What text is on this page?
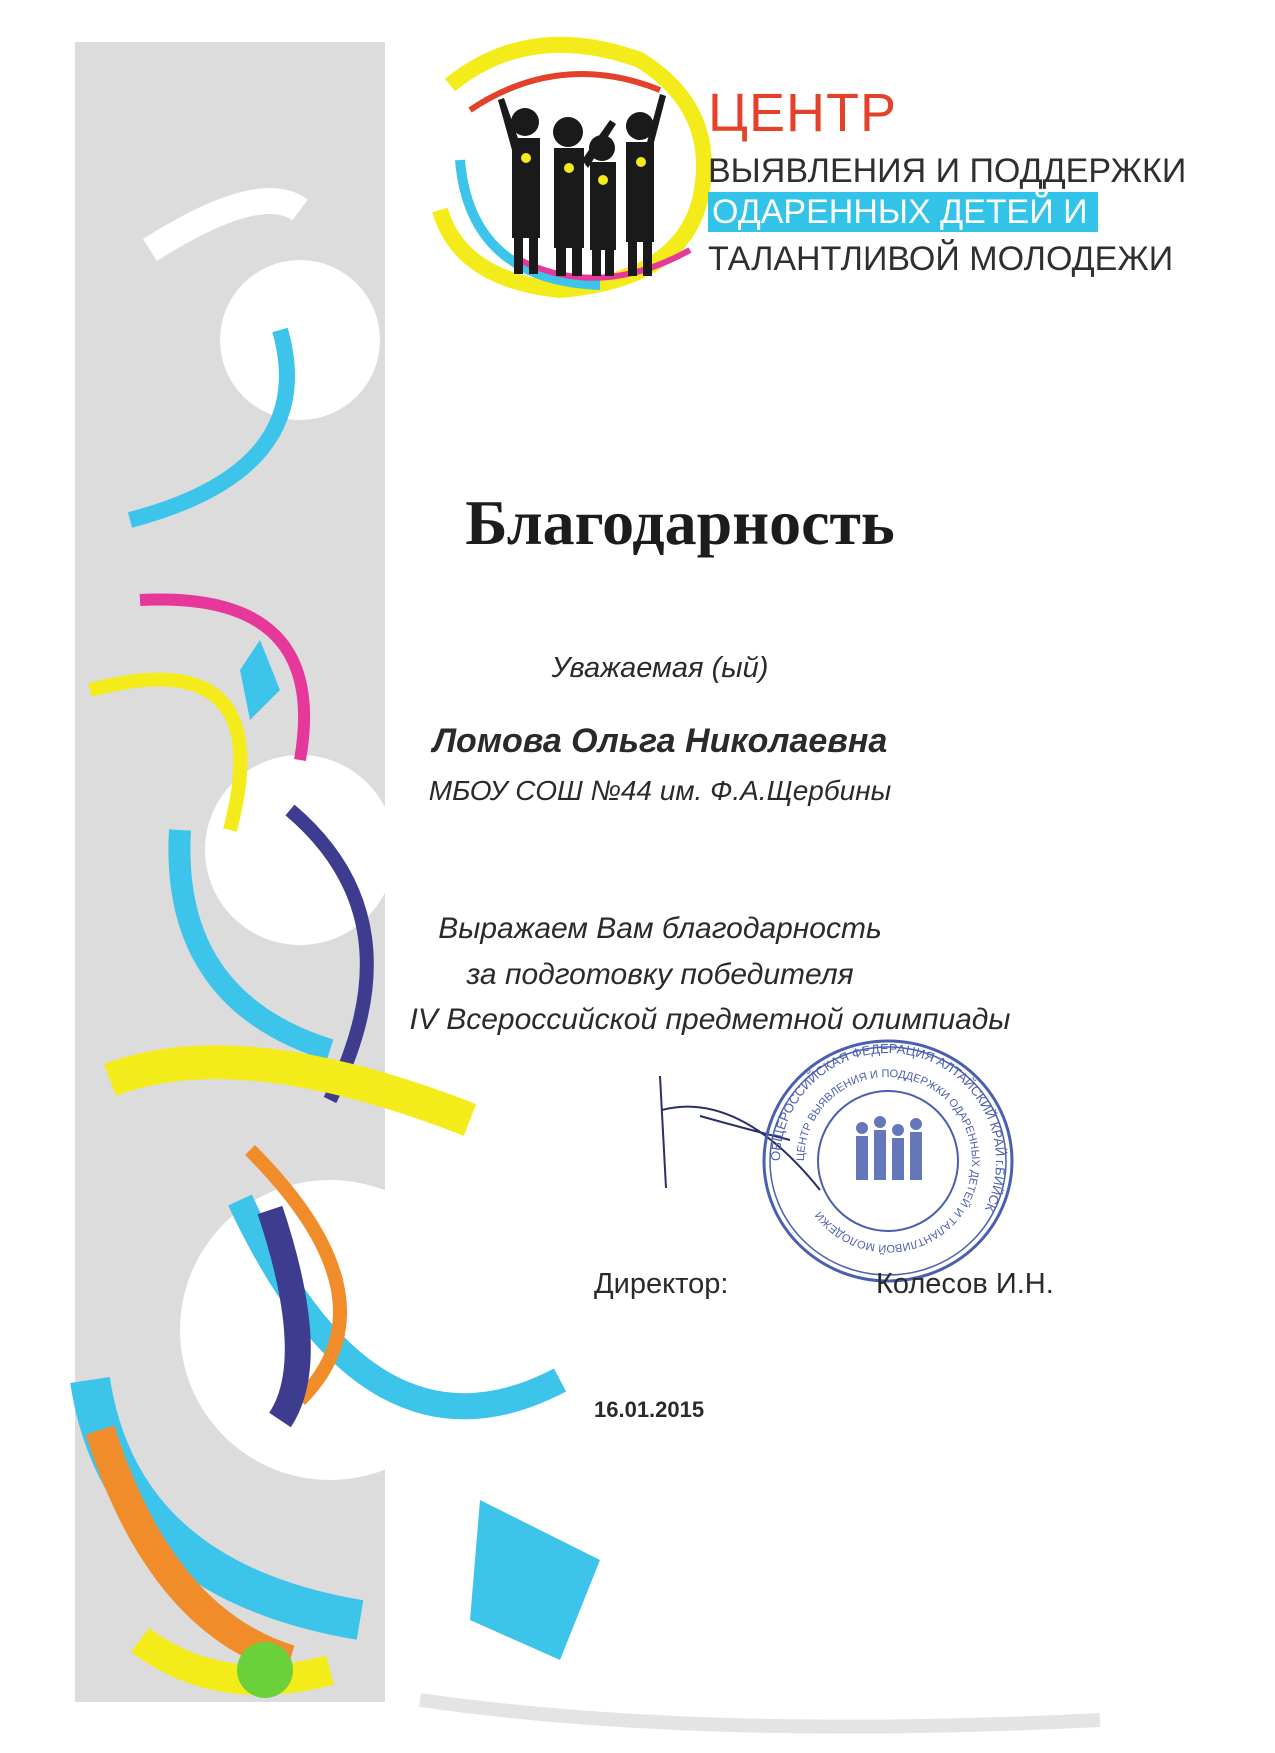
ЦЕНТР
ВЫЯВЛЕНИЯ И ПОДДЕРЖКИ
ОДАРЕННЫХ ДЕТЕЙ И
ТАЛАНТЛИВОЙ МОЛОДЕЖИ
Благодарность
Уважаемая (ый)
Ломова Ольга Николаевна
МБОУ СОШ №44 им. Ф.А.Щербины
Выражаем Вам благодарность
за подготовку победителя
IV Всероссийской предметной олимпиады
ОБЩЕРОССИЙСКАЯ ФЕДЕРАЦИЯ АЛТАЙСКИЙ КРАЙ г.БИЙСК
ЦЕНТР ВЫЯВЛЕНИЯ И ПОДДЕРЖКИ ОДАРЕННЫХ ДЕТЕЙ И ТАЛАНТЛИВОЙ МОЛОДЕЖИ
Директор:	Колесов И.Н.
16.01.2015
